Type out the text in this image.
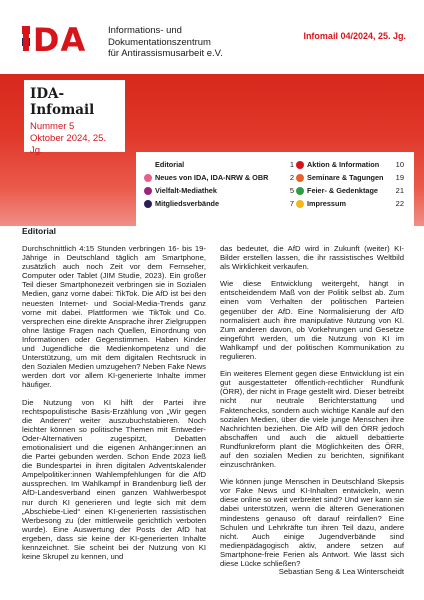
IDA Informations- und
Dokumentationszentrum
für Antirassismusarbeit e.V.
Infomail 04/2024, 25. Jg.
IDA-Infomail
Nummer 5
Oktober 2024, 25. Jg.
Editorial	1
Neues von IDA, IDA-NRW & OBR	2
Vielfalt-Mediathek	5
Mitgliedsverbände	7
Aktion & Information	10
Seminare & Tagungen	19
Feier- & Gedenktage	21
Impressum	22
Editorial

Durchschnittlich 4:15 Stunden verbringen 16- bis 19-Jährige in Deutschland täglich am Smartphone, zusätzlich auch noch Zeit vor dem Fernseher, Computer oder Tablet (JIM Studie, 2023). Ein großer Teil dieser Smartphonezeit verbringen sie in Sozialen Medien, ganz vorne dabei: TikTok. Die AfD ist bei den neuesten Internet- und Social-Media-Trends ganz vorne mit dabei. Plattformen wie TikTok und Co. versprechen eine direkte Ansprache ihrer Zielgruppen ohne lästige Fragen nach Quellen, Einordnung von Informationen oder Gegenstimmen. Haben Kinder und Jugendliche die Medienkompetenz und die Unterstützung, um mit dem digitalen Rechtsruck in den Sozialen Medien umzugehen? Neben Fake News werden dort vor allem KI-generierte Inhalte immer häufiger.

Die Nutzung von KI hilft der Partei ihre rechtspopulistische Basis-Erzählung von „Wir gegen die Anderen“ weiter auszubuchstabieren. Noch leichter können so politische Themen mit Entweder-Oder-Alternativen zugespitzt, Debatten emotionalisiert und die eigenen Anhänger:innen an die Partei gebunden werden. Schon Ende 2023 ließ die Bundespartei in ihren digitalen Adventskalender Ampelpolitiker:innen Wahlempfehlungen für die AfD aussprechen. Im Wahlkampf in Brandenburg ließ der AfD-Landesverband einen ganzen Wahlwerbespot nur durch KI generieren und legte sich mit dem „Abschiebe-Lied“ einen KI-generierten rassistischen Werbesong zu (der mittlerweile gerichtlich verboten wurde). Eine Auswertung der Posts der AfD hat ergeben, dass sie keine der KI-generierten Inhalte kennzeichnet. Sie scheint bei der Nutzung von KI keine Skrupel zu kennen, und

das bedeutet, die AfD wird in Zukunft (weiter) KI-Bilder erstellen lassen, die ihr rassistisches Weltbild als Wirklichkeit verkaufen.

Wie diese Entwicklung weitergeht, hängt in entscheidendem Maß von der Politik selbst ab. Zum einen vom Verhalten der politischen Parteien gegenüber der AfD. Eine Normalisierung der AfD normalisiert auch ihre manipulative Nutzung von KI. Zum anderen davon, ob Vorkehrungen und Gesetze eingeführt werden, um die Nutzung von KI im Wahlkampf und der politischen Kommunikation zu regulieren.

Ein weiteres Element gegen diese Entwicklung ist ein gut ausgestatteter öffentlich-rechtlicher Rundfunk (ÖRR), der nicht in Frage gestellt wird. Dieser betreibt nicht nur neutrale Berichterstattung und Faktenchecks, sondern auch wichtige Kanäle auf den sozialen Medien, über die viele junge Menschen ihre Nachrichten beziehen. Die AfD will den ÖRR jedoch abschaffen und auch die aktuell debattierte Rundfunkreform plant die Möglichkeiten des ÖRR, auf den sozialen Medien zu berichten, signifikant einzuschränken.

Wie können junge Menschen in Deutschland Skepsis vor Fake News und KI-Inhalten entwickeln, wenn diese online so weit verbreitet sind? Und wer kann sie dabei unterstützen, wenn die älteren Generationen mindestens genauso oft darauf reinfallen? Eine Schulen und Lehrkräfte tun ihren Teil dazu, andere nicht. Auch einige Jugendverbände sind medienpädagogisch aktiv, andere setzen auf Smartphone-freie Ferien als Antwort. Wie lässt sich diese Lücke schließen?

Sebastian Seng & Lea Winterscheidt
